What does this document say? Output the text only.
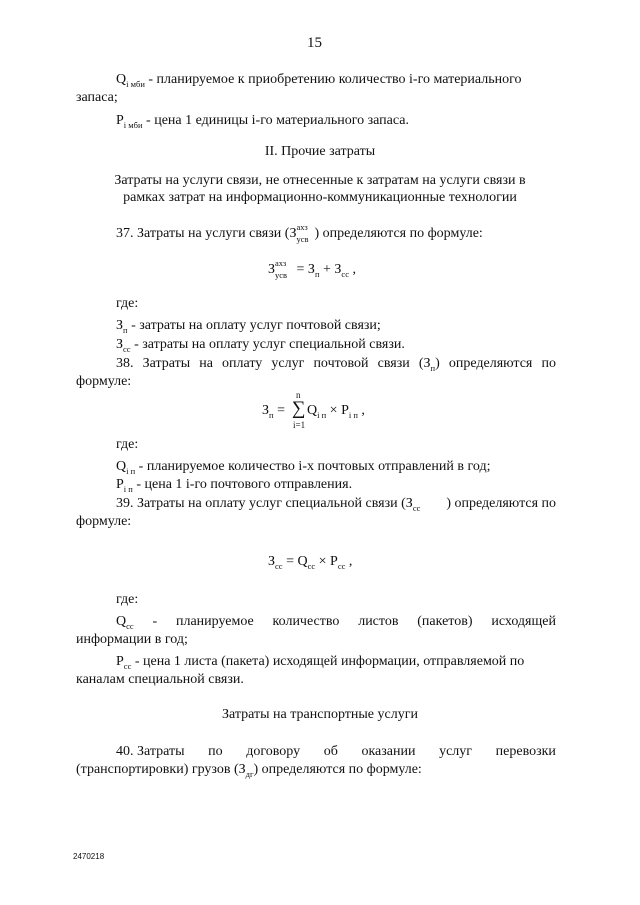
15
$Q_{i мби}$ - планируемое к приобретению количество i-го материального
запаса;
$P_{i мби}$ - цена 1 единицы i-го материального запаса.
II. Прочие затраты
Затраты на услуги связи, не отнесенные к затратам на услуги связи в
рамках затрат на информационно-коммуникационные технологии
37. Затраты на услуги связи (З ахз
усв ) определяются по формуле:
З ахз
усв = $З_п + З_{сс}$ ,
где:
$З_п$ - затраты на оплату услуг почтовой связи;
$З_{сс}$ - затраты на оплату услуг специальной связи.
38. Затраты на оплату услуг почтовой связи $(З_п)$ определяются по
формуле:
$З_п$ =
n
∑
i=1
$Q_{i п} \times P_{i п}$ ,
где:
$Q_{i п}$ - планируемое количество i-х почтовых отправлений в год;
$P_{i п}$ - цена 1 i-го почтового отправления.
39. Затраты на оплату услуг специальной связи ($З_{сс}$ ) определяются по
формуле:
$З_{сс} = Q_{сс} \times P_{сс}$ ,
где:
$Q_{сс}$ - планируемое количество листов (пакетов) исходящей
информации в год;
$P_{сс}$ - цена 1 листа (пакета) исходящей информации, отправляемой по
каналам специальной связи.
Затраты на транспортные услуги
40. Затраты по договору об оказании услуг перевозки
(транспортировки) грузов $(З_{дг})$ определяются по формуле:
2470218
